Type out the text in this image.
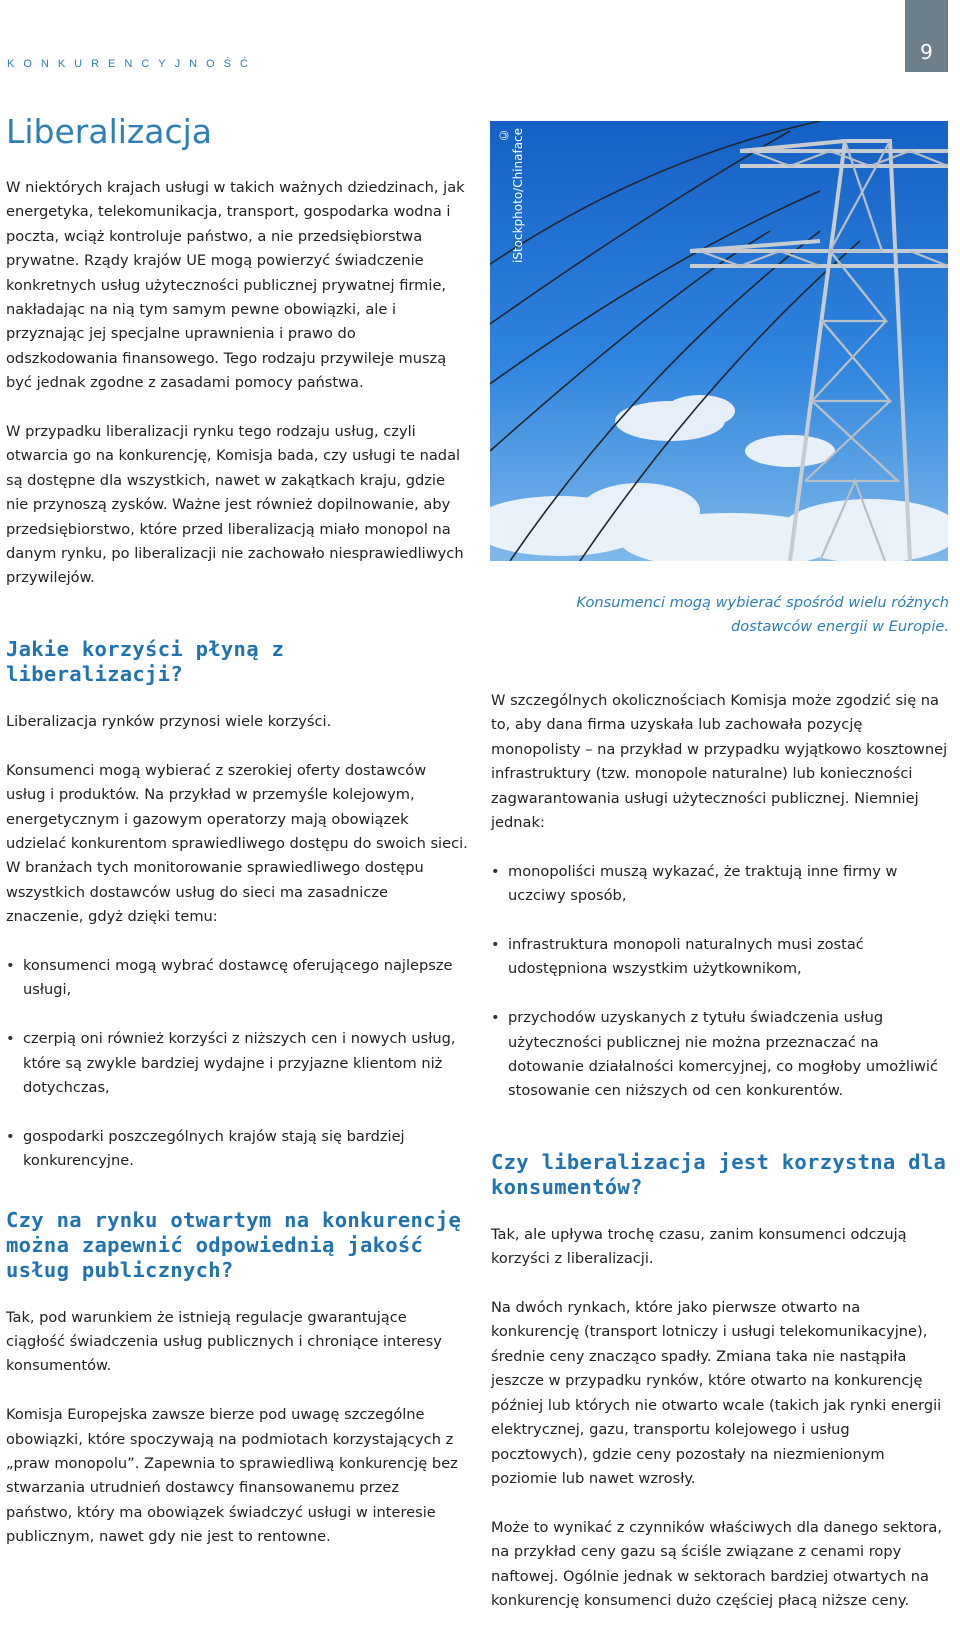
KONKURENCYJNOŚĆ	9
Liberalizacja

W niektórych krajach usługi w takich ważnych dziedzinach, jak energetyka, telekomunikacja, transport, gospodarka wodna i poczta, wciąż kontroluje państwo, a nie przedsiębiorstwa prywatne. Rządy krajów UE mogą powierzyć świadczenie konkretnych usług użyteczności publicznej prywatnej firmie, nakładając na nią tym samym pewne obowiązki, ale i przyznając jej specjalne uprawnienia i prawo do odszkodowania finansowego. Tego rodzaju przywileje muszą być jednak zgodne z zasadami pomocy państwa.

W przypadku liberalizacji rynku tego rodzaju usług, czyli otwarcia go na konkurencję, Komisja bada, czy usługi te nadal są dostępne dla wszystkich, nawet w zakątkach kraju, gdzie nie przynoszą zysków. Ważne jest również dopilnowanie, aby przedsiębiorstwo, które przed liberalizacją miało monopol na danym rynku, po liberalizacji nie zachowało niesprawiedliwych przywilejów.

Jakie korzyści płyną z liberalizacji?

Liberalizacja rynków przynosi wiele korzyści.

Konsumenci mogą wybierać z szerokiej oferty dostawców usług i produktów. Na przykład w przemyśle kolejowym, energetycznym i gazowym operatorzy mają obowiązek udzielać konkurentom sprawiedliwego dostępu do swoich sieci. W branżach tych monitorowanie sprawiedliwego dostępu wszystkich dostawców usług do sieci ma zasadnicze znaczenie, gdyż dzięki temu:

• konsumenci mogą wybrać dostawcę oferującego najlepsze usługi,
• czerpią oni również korzyści z niższych cen i nowych usług, które są zwykle bardziej wydajne i przyjazne klientom niż dotychczas,
• gospodarki poszczególnych krajów stają się bardziej konkurencyjne.
Czy na rynku otwartym na konkurencję można zapewnić odpowiednią jakość usług publicznych?

Tak, pod warunkiem że istnieją regulacje gwarantujące ciągłość świadczenia usług publicznych i chroniące interesy konsumentów.

Komisja Europejska zawsze bierze pod uwagę szczególne obowiązki, które spoczywają na podmiotach korzystających z „praw monopolu”. Zapewnia to sprawiedliwą konkurencję bez stwarzania utrudnień dostawcy finansowanemu przez państwo, który ma obowiązek świadczyć usługi w interesie publicznym, nawet gdy nie jest to rentowne.

© iStockphoto/Chinaface
Konsumenci mogą wybierać spośród wielu różnych dostawców energii w Europie.

W szczególnych okolicznościach Komisja może zgodzić się na to, aby dana firma uzyskała lub zachowała pozycję monopolisty – na przykład w przypadku wyjątkowo kosztownej infrastruktury (tzw. monopole naturalne) lub konieczności zagwarantowania usługi użyteczności publicznej. Niemniej jednak:

• monopoliści muszą wykazać, że traktują inne firmy w uczciwy sposób,
• infrastruktura monopoli naturalnych musi zostać udostępniona wszystkim użytkownikom,
• przychodów uzyskanych z tytułu świadczenia usług użyteczności publicznej nie można przeznaczać na dotowanie działalności komercyjnej, co mogłoby umożliwić stosowanie cen niższych od cen konkurentów.
Czy liberalizacja jest korzystna dla konsumentów?

Tak, ale upływa trochę czasu, zanim konsumenci odczują korzyści z liberalizacji.

Na dwóch rynkach, które jako pierwsze otwarto na konkurencję (transport lotniczy i usługi telekomunikacyjne), średnie ceny znacząco spadły. Zmiana taka nie nastąpiła jeszcze w przypadku rynków, które otwarto na konkurencję później lub których nie otwarto wcale (takich jak rynki energii elektrycznej, gazu, transportu kolejowego i usług pocztowych), gdzie ceny pozostały na niezmienionym poziomie lub nawet wzrosły.

Może to wynikać z czynników właściwych dla danego sektora, na przykład ceny gazu są ściśle związane z cenami ropy naftowej. Ogólnie jednak w sektorach bardziej otwartych na konkurencję konsumenci dużo częściej płacą niższe ceny.
